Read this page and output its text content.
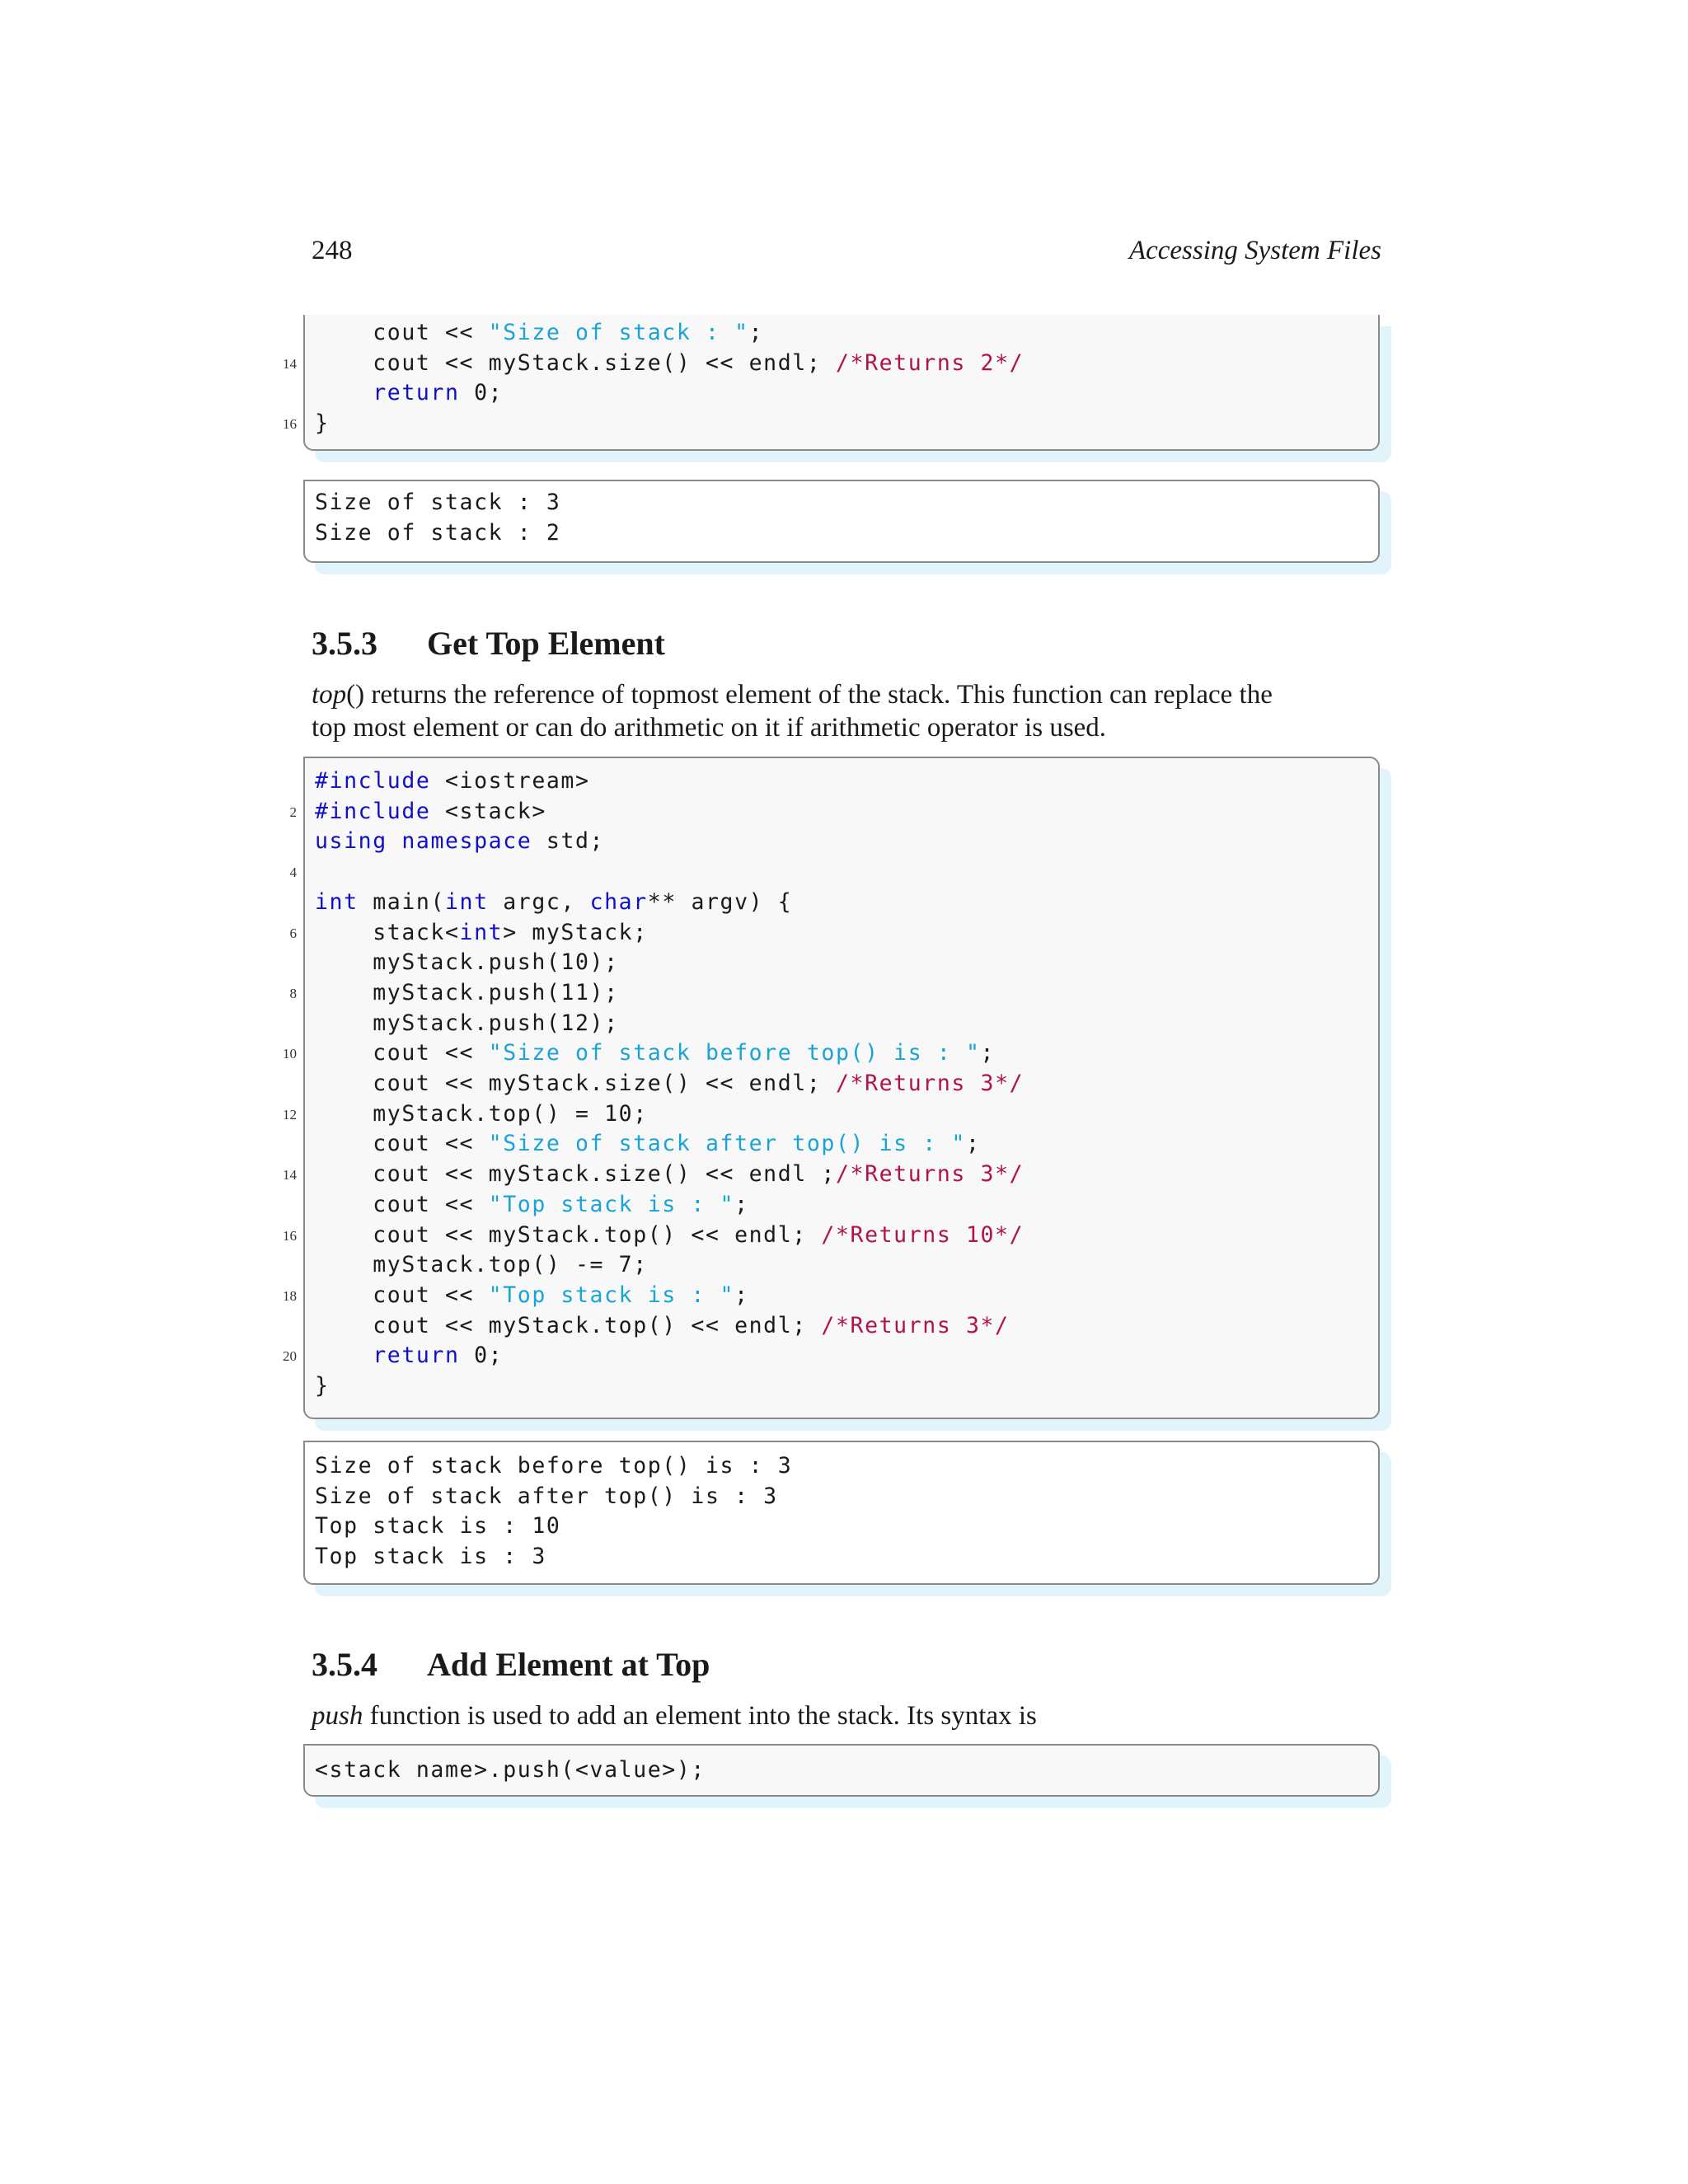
248	Accessing System Files
3.5.3 Get Top Element
top() returns the reference of topmost element of the stack. This function can replace the
top most element or can do arithmetic on it if arithmetic operator is used.
3.5.4 Add Element at Top
push function is used to add an element into the stack. Its syntax is
<stack name>.push(<value>);
cout << "Size of stack : ";
14	cout << myStack.size() << endl; /*Returns 2*/
return 0;
16 }
Size of stack : 3
Size of stack : 2
#include <iostream>
2 #include <stack>
using namespace std;
4
int main(int argc, char** argv) {
6	stack<int> myStack;
myStack.push(10);
8	myStack.push(11);
myStack.push(12);
10	cout << "Size of stack before top() is : ";
cout << myStack.size() << endl; /*Returns 3*/
12	myStack.top() = 10;
cout << "Size of stack after top() is : ";
14	cout << myStack.size() << endl ;/*Returns 3*/
cout << "Top stack is : ";
16	cout << myStack.top() << endl; /*Returns 10*/
myStack.top() -= 7;
18	cout << "Top stack is : ";
cout << myStack.top() << endl; /*Returns 3*/
20	return 0;
}
Size of stack before top() is : 3
Size of stack after top() is : 3
Top stack is : 10
Top stack is : 3
